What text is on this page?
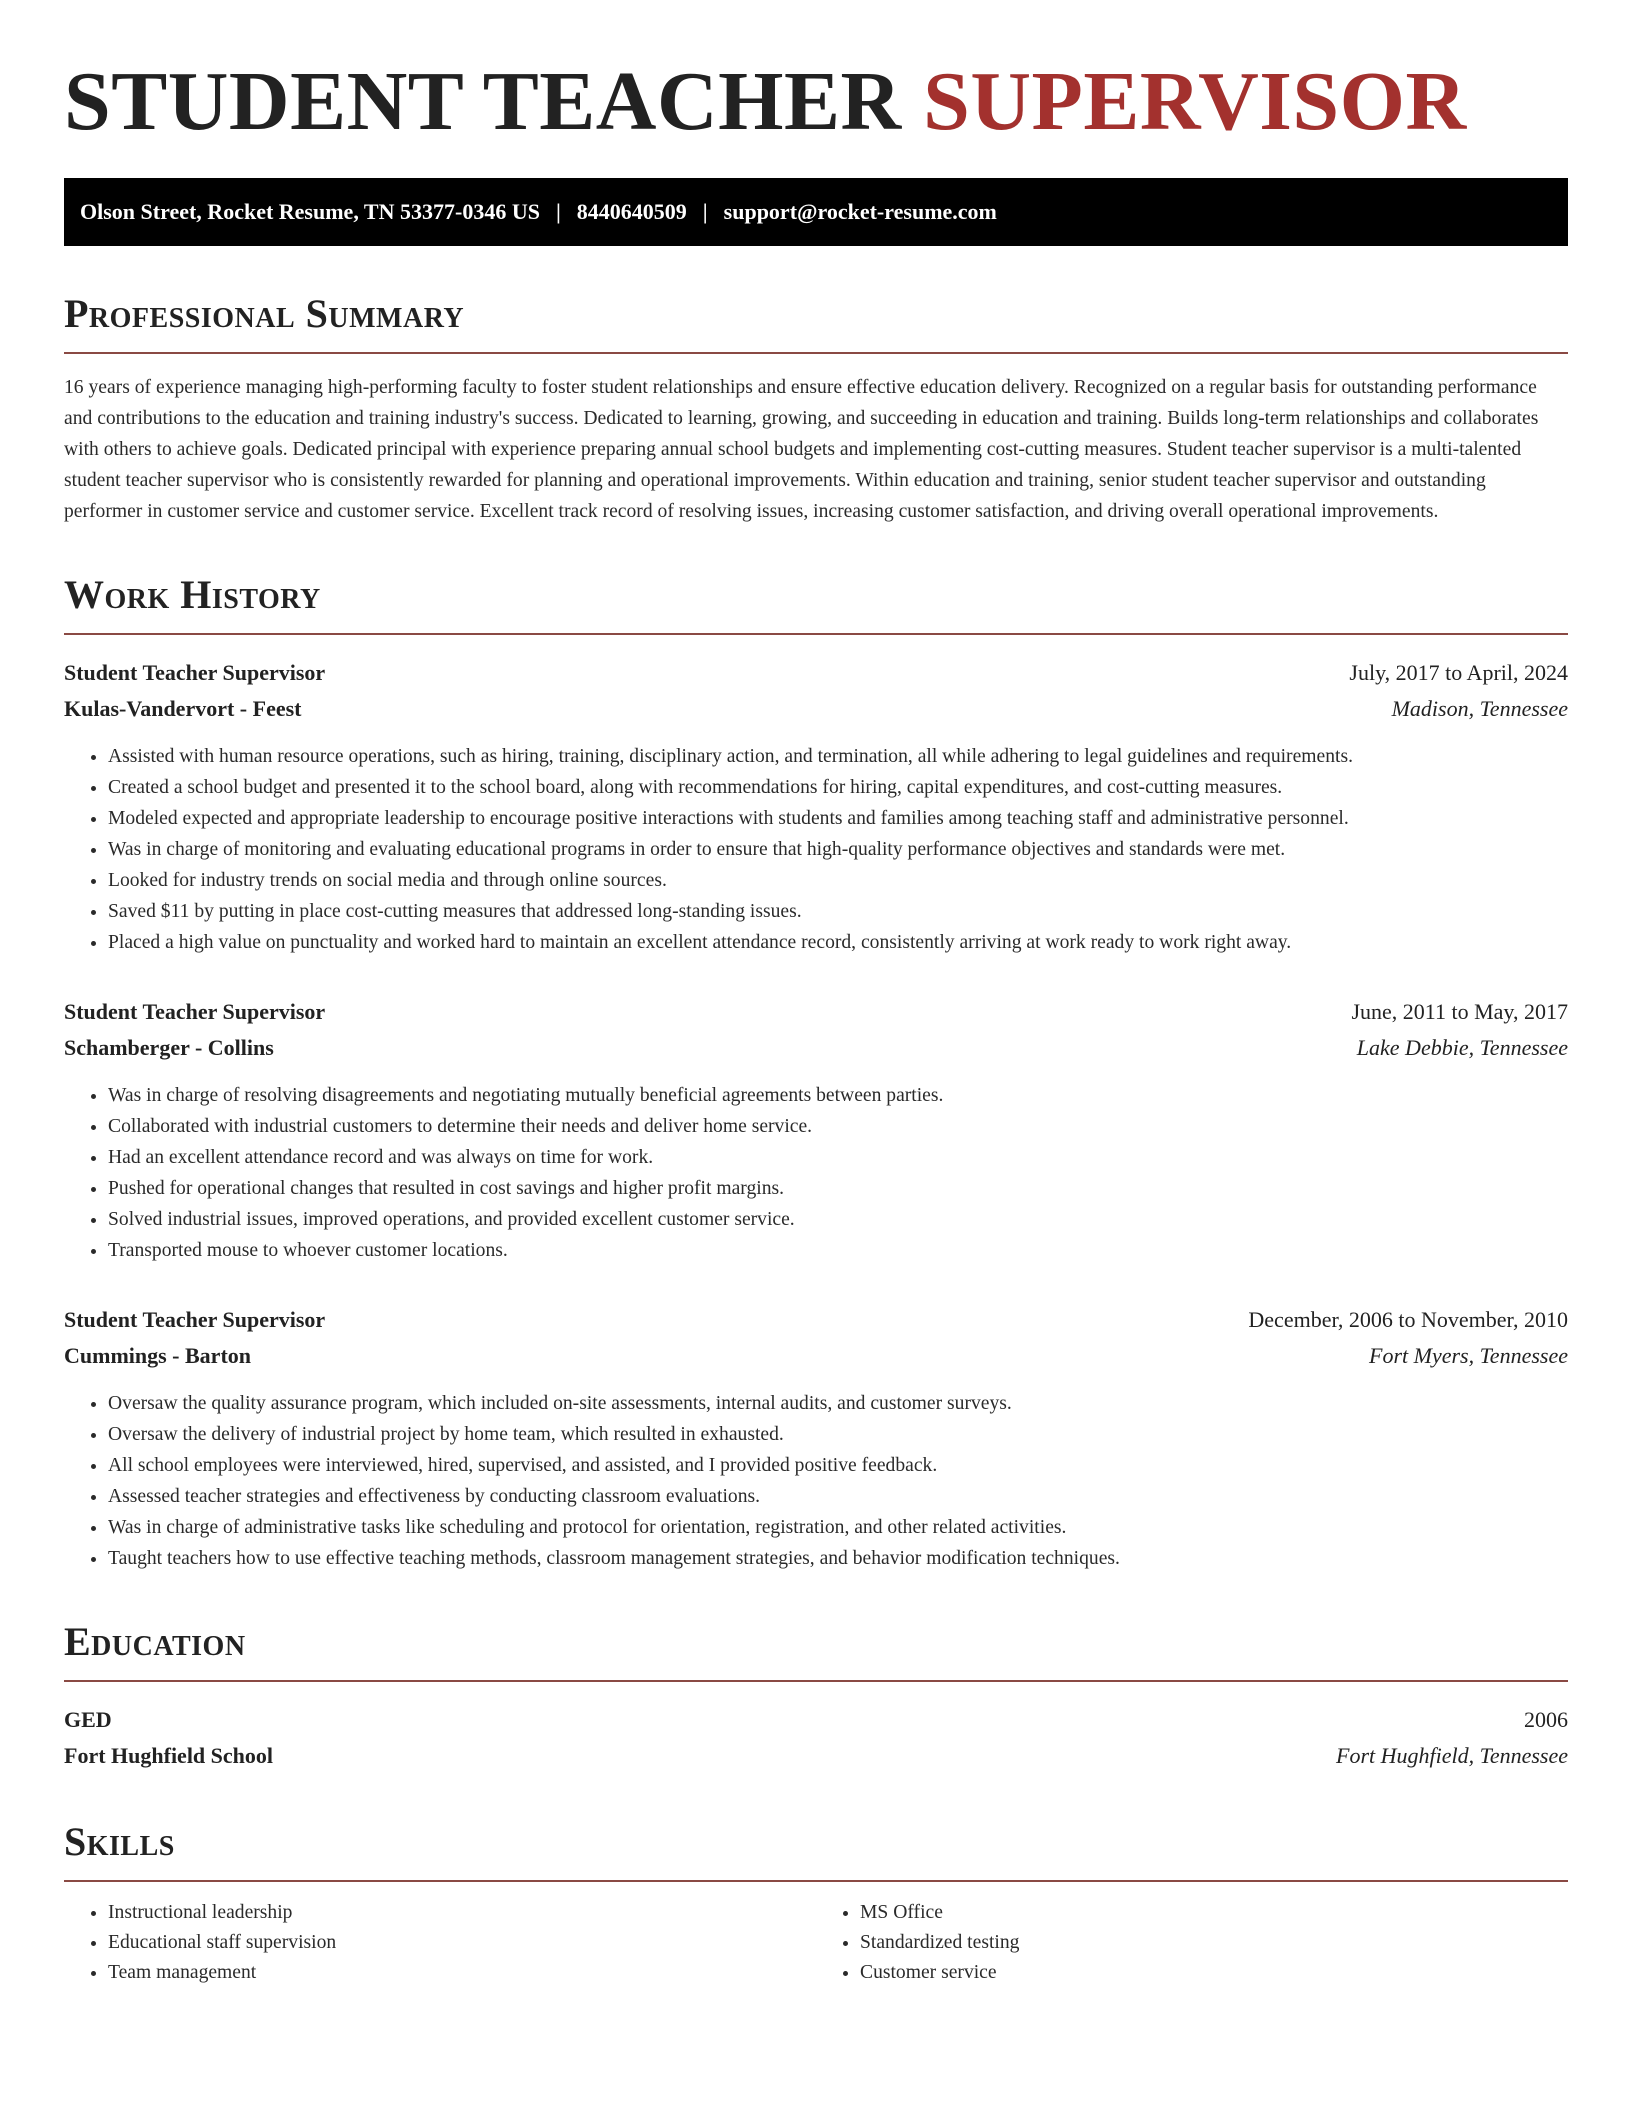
STUDENT TEACHER SUPERVISOR
Olson Street, Rocket Resume, TN 53377-0346 US | 8440640509 | support@rocket-resume.com
Professional Summary

16 years of experience managing high-performing faculty to foster student relationships and ensure effective education delivery. Recognized on a regular basis for outstanding performance and contributions to the education and training industry's success. Dedicated to learning, growing, and succeeding in education and training. Builds long-term relationships and collaborates with others to achieve goals. Dedicated principal with experience preparing annual school budgets and implementing cost-cutting measures. Student teacher supervisor is a multi-talented student teacher supervisor who is consistently rewarded for planning and operational improvements. Within education and training, senior student teacher supervisor and outstanding performer in customer service and customer service. Excellent track record of resolving issues, increasing customer satisfaction, and driving overall operational improvements.

Work History
Student Teacher Supervisor	July, 2017 to April, 2024
Kulas-Vandervort - Feest	Madison, Tennessee
• Assisted with human resource operations, such as hiring, training, disciplinary action, and termination, all while adhering to legal guidelines and requirements.
• Created a school budget and presented it to the school board, along with recommendations for hiring, capital expenditures, and cost-cutting measures.
• Modeled expected and appropriate leadership to encourage positive interactions with students and families among teaching staff and administrative personnel.
• Was in charge of monitoring and evaluating educational programs in order to ensure that high-quality performance objectives and standards were met.
• Looked for industry trends on social media and through online sources.
• Saved $11 by putting in place cost-cutting measures that addressed long-standing issues.
• Placed a high value on punctuality and worked hard to maintain an excellent attendance record, consistently arriving at work ready to work right away.
Student Teacher Supervisor	June, 2011 to May, 2017
Schamberger - Collins	Lake Debbie, Tennessee
• Was in charge of resolving disagreements and negotiating mutually beneficial agreements between parties.
• Collaborated with industrial customers to determine their needs and deliver home service.
• Had an excellent attendance record and was always on time for work.
• Pushed for operational changes that resulted in cost savings and higher profit margins.
• Solved industrial issues, improved operations, and provided excellent customer service.
• Transported mouse to whoever customer locations.
Student Teacher Supervisor	December, 2006 to November, 2010
Cummings - Barton	Fort Myers, Tennessee
• Oversaw the quality assurance program, which included on-site assessments, internal audits, and customer surveys.
• Oversaw the delivery of industrial project by home team, which resulted in exhausted.
• All school employees were interviewed, hired, supervised, and assisted, and I provided positive feedback.
• Assessed teacher strategies and effectiveness by conducting classroom evaluations.
• Was in charge of administrative tasks like scheduling and protocol for orientation, registration, and other related activities.
• Taught teachers how to use effective teaching methods, classroom management strategies, and behavior modification techniques.
Education
GED	2006
Fort Hughfield School	Fort Hughfield, Tennessee
Skills
• Instructional leadership
• Educational staff supervision
• Team management
• MS Office
• Standardized testing
• Customer service
